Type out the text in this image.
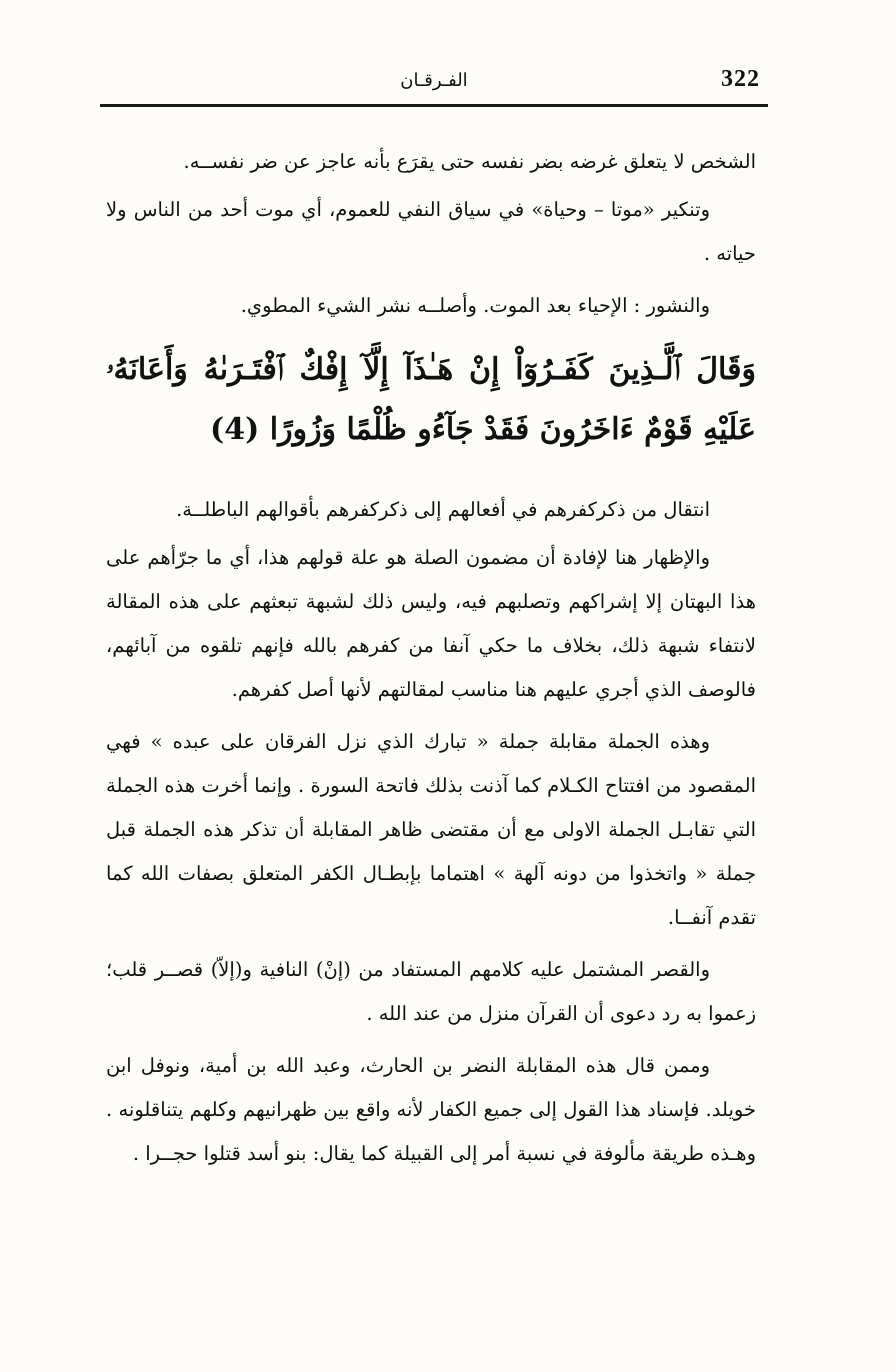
322
الفـرقـان

الشخص لا يتعلق غرضه بضر نفسه حتى يقرَع بأنه عاجز عن ضر نفســه.

وتنكير «موتا – وحياة» في سياق النفي للعموم، أي موت أحد من الناس ولا حياته .

والنشور : الإحياء بعد الموت. وأصلــه نشر الشيء المطوي.

وَقَالَ ٱلَّـذِينَ كَفَـرُوٓاْ إِنْ هَـٰذَآ إِلَّآ إِفْكٌ ٱفْتَـرَىٰهُ وَأَعَانَهُۥ عَلَيْهِ قَوْمٌ ءَاخَرُونَ فَقَدْ جَآءُو ظُلْمًا وَزُورًا (4)

انتقال من ذكركفرهم في أفعالهم إلى ذكركفرهم بأقوالهم الباطلــة.

والإظهار هنا لإفادة أن مضمون الصلة هو علة قولهم هذا، أي ما جرّأهم على هذا البهتان إلا إشراكهم وتصلبهم فيه، وليس ذلك لشبهة تبعثهم على هذه المقالة لانتفاء شبهة ذلك، بخلاف ما حكي آنفا من كفرهم بالله فإنهم تلقوه من آبائهم، فالوصف الذي أجري عليهم هنا مناسب لمقالتهم لأنها أصل كفرهم.

وهذه الجملة مقابلة جملة « تبارك الذي نزل الفرقان على عبده » فهي المقصود من افتتاح الكـلام كما آذنت بذلك فاتحة السورة . وإنما أخرت هذه الجملة التي تقابـل الجملة الاولى مع أن مقتضى ظاهر المقابلة أن تذكر هذه الجملة قبل جملة « واتخذوا من دونه آلهة » اهتماما بإبطـال الكفر المتعلق بصفات الله كما تقدم آنفــا.

والقصر المشتمل عليه كلامهم المستفاد من (إنْ) النافية و(إلاّ) قصــر قلب؛ زعموا به رد دعوى أن القرآن منزل من عند الله .

وممن قال هذه المقابلة النضر بن الحارث، وعبد الله بن أمية، ونوفل ابن خويلد. فإسناد هذا القول إلى جميع الكفار لأنه واقع بين ظهرانيهم وكلهم يتناقلونه . وهـذه طريقة مألوفة في نسبة أمر إلى القبيلة كما يقال: بنو أسد قتلوا حجــرا .
